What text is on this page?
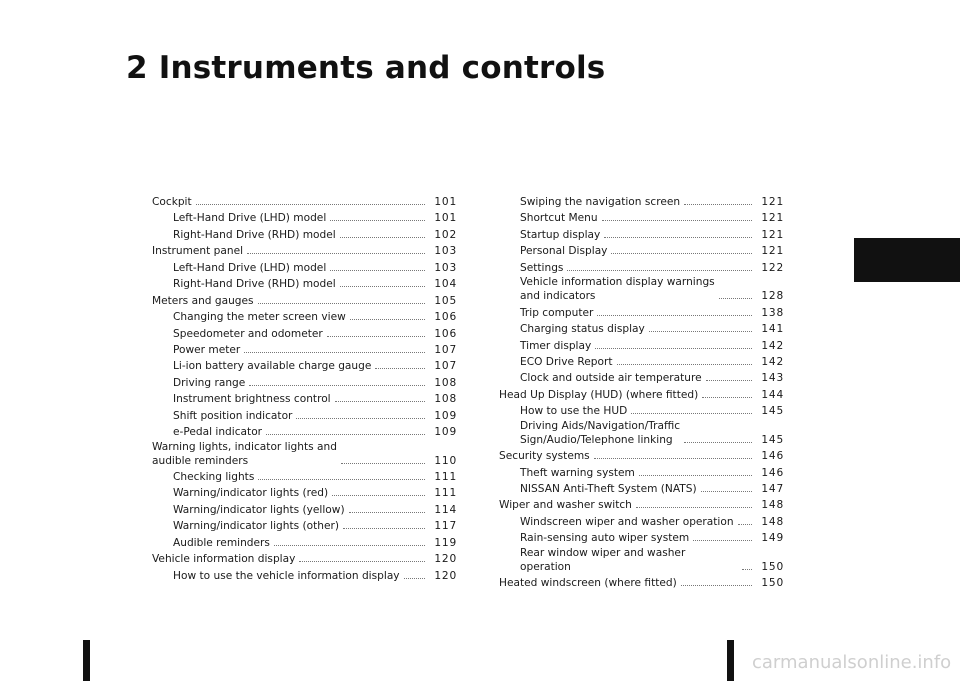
2 Instruments and controls
Cockpit	101
Left-Hand Drive (LHD) model	101
Right-Hand Drive (RHD) model	102
Instrument panel	103
Left-Hand Drive (LHD) model	103
Right-Hand Drive (RHD) model	104
Meters and gauges	105
Changing the meter screen view	106
Speedometer and odometer	106
Power meter	107
Li-ion battery available charge gauge	107
Driving range	108
Instrument brightness control	108
Shift position indicator	109
e-Pedal indicator	109
Warning lights, indicator lights and
audible reminders	110
Checking lights	111
Warning/indicator lights (red)	111
Warning/indicator lights (yellow)	114
Warning/indicator lights (other)	117
Audible reminders	119
Vehicle information display	120
How to use the vehicle information display	120
Swiping the navigation screen	121
Shortcut Menu	121
Startup display	121
Personal Display	121
Settings	122
Vehicle information display warnings
and indicators	128
Trip computer	138
Charging status display	141
Timer display	142
ECO Drive Report	142
Clock and outside air temperature	143
Head Up Display (HUD) (where fitted)	144
How to use the HUD	145
Driving Aids/Navigation/Traffic
Sign/Audio/Telephone linking	145
Security systems	146
Theft warning system	146
NISSAN Anti-Theft System (NATS)	147
Wiper and washer switch	148
Windscreen wiper and washer operation	148
Rain-sensing auto wiper system	149
Rear window wiper and washer operation	150
Heated windscreen (where fitted)	150
carmanualsonline.info
